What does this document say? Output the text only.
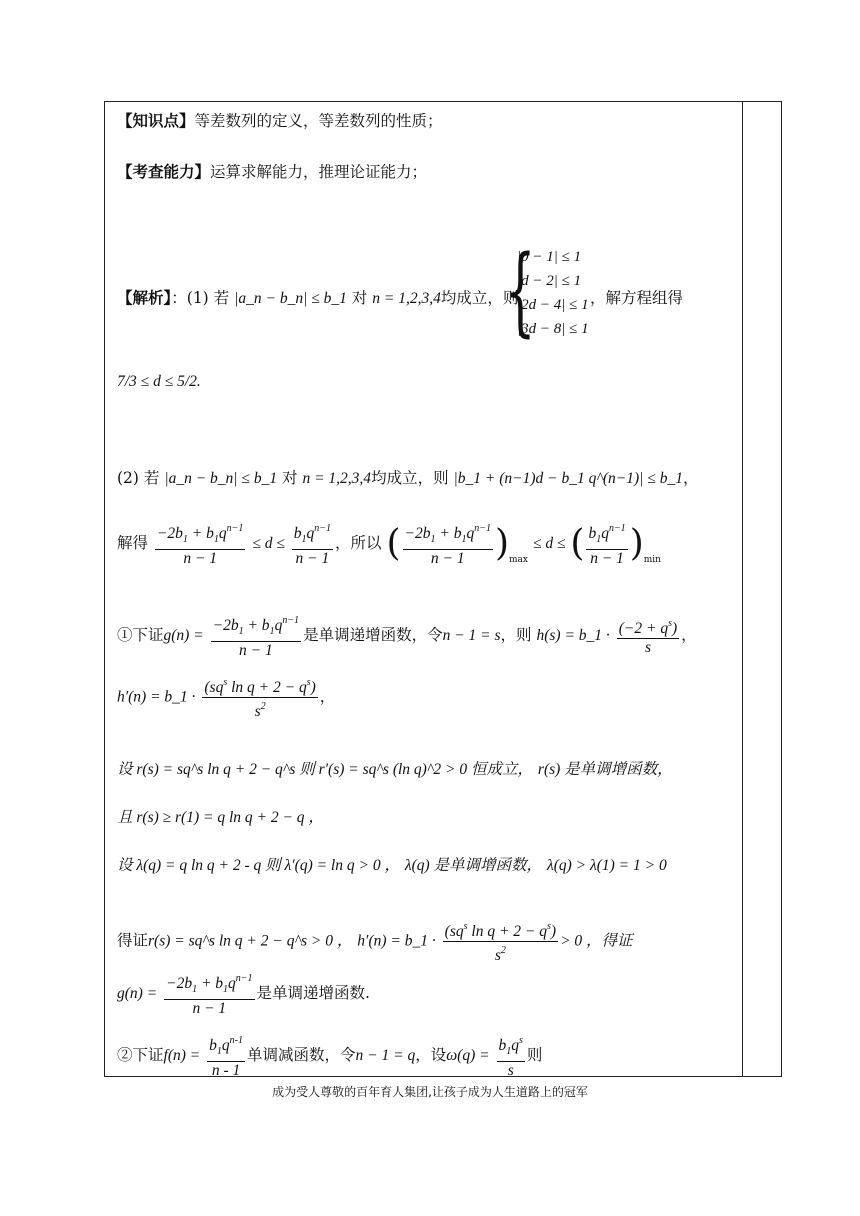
【知识点】等差数列的定义，等差数列的性质；
【考查能力】运算求解能力，推理论证能力；
【解析】：(1) 若 |a_n − b_n| ≤ b_1 对 n = 1,2,3,4均成立，则
{
|0 − 1| ≤ 1
|d − 2| ≤ 1
|2d − 4| ≤ 1
|3d − 8| ≤ 1
，解方程组得
7/3 ≤ d ≤ 5/2.
(2) 若 |a_n − b_n| ≤ b_1 对 n = 1,2,3,4均成立，则 |b_1 + (n−1)d − b_1 q^(n−1)| ≤ b_1，
解得 $\frac{-2b_1 + b_1q^{n-1}}{n - 1} \le d \le \frac{b_1q^{n-1}}{n - 1}$ ，所以 ( $\frac{-2b_1 + b_1q^{n-1}}{n - 1} )_{max} \le d$ ≤ ( $\frac{b_1q^{n-1}}{n - 1} )_{min}$
①下证$g(n) = \frac{-2b_1 + b_1q^{n-1}}{n - 1}$ 是单调递增函数，令n − 1 = s，则 h(s) = b_1 · $\frac{(-2 + q^s)}{s}$ ，
h′(n) = b_1 · $\frac{(sq^s \ln q + 2 - q^s)}{s^2}$ ，
设 r(s) = sq^s ln q + 2 − q^s 则 r′(s) = sq^s (ln q)^2 > 0 恒成立， r(s) 是单调增函数，
且 r(s) ≥ r(1) = q ln q + 2 − q ，
设 λ(q) = q ln q + 2 - q 则 λ′(q) = ln q > 0 ， λ(q) 是单调增函数， λ(q) > λ(1) = 1 > 0
得证r(s) = sq^s ln q + 2 − q^s > 0 ， h′(n) = b_1 · $\frac{(sq^s \ln q + 2 - q^s)}{s^2} > 0$ ，得证
$g(n) = \frac{-2b_1 + b_1q^{n-1}}{n - 1}$ 是单调递增函数.
②下证$f(n) = \frac{b_1q^{n-1}}{n - 1}$ 单调减函数，令n − 1 = q，设$\omega(q) = \frac{b_1q^s}{s}$ 则
成为受人尊敬的百年育人集团,让孩子成为人生道路上的冠军
